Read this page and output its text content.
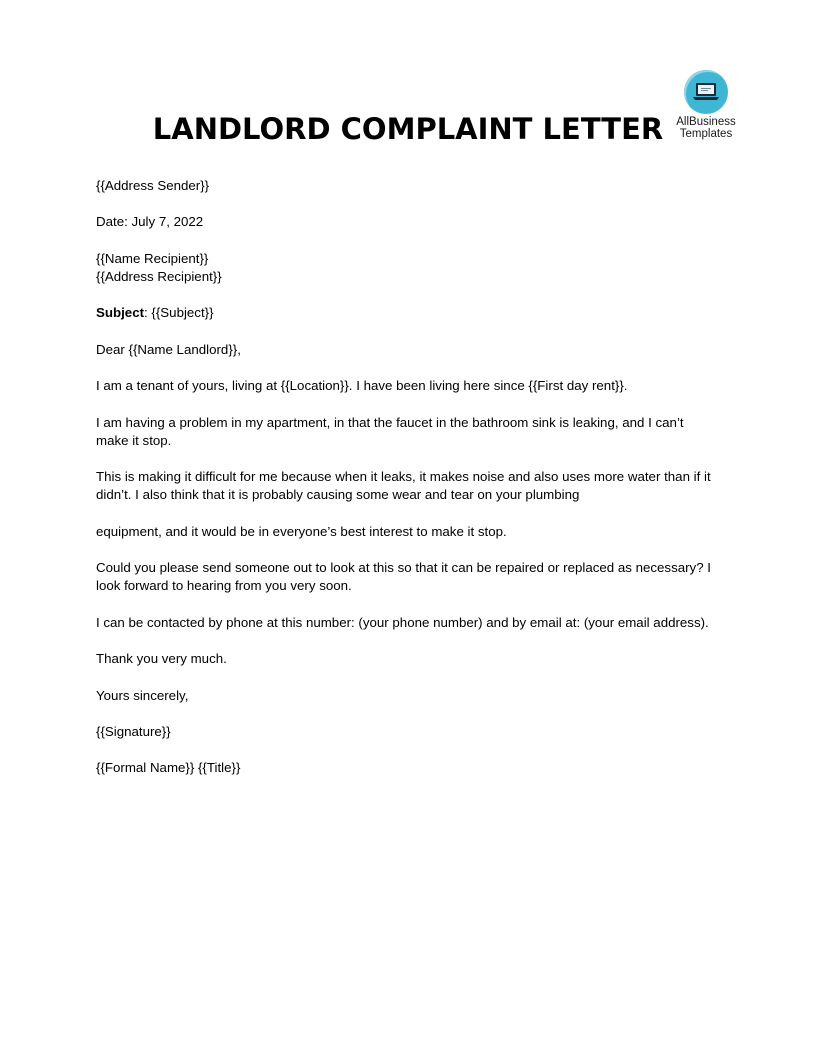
AllBusiness
Templates
LANDLORD COMPLAINT LETTER

{{Address Sender}}

Date: July 7, 2022

{{Name Recipient}}
{{Address Recipient}}

Subject: {{Subject}}

Dear {{Name Landlord}},

I am a tenant of yours, living at {{Location}}. I have been living here since {{First day rent}}.

I am having a problem in my apartment, in that the faucet in the bathroom sink is leaking, and I can’t
make it stop.

This is making it difficult for me because when it leaks, it makes noise and also uses more water than if it
didn’t. I also think that it is probably causing some wear and tear on your plumbing

equipment, and it would be in everyone’s best interest to make it stop.

Could you please send someone out to look at this so that it can be repaired or replaced as necessary? I
look forward to hearing from you very soon.

I can be contacted by phone at this number: (your phone number) and by email at: (your email address).

Thank you very much.

Yours sincerely,

{{Signature}}

{{Formal Name}} {{Title}}
